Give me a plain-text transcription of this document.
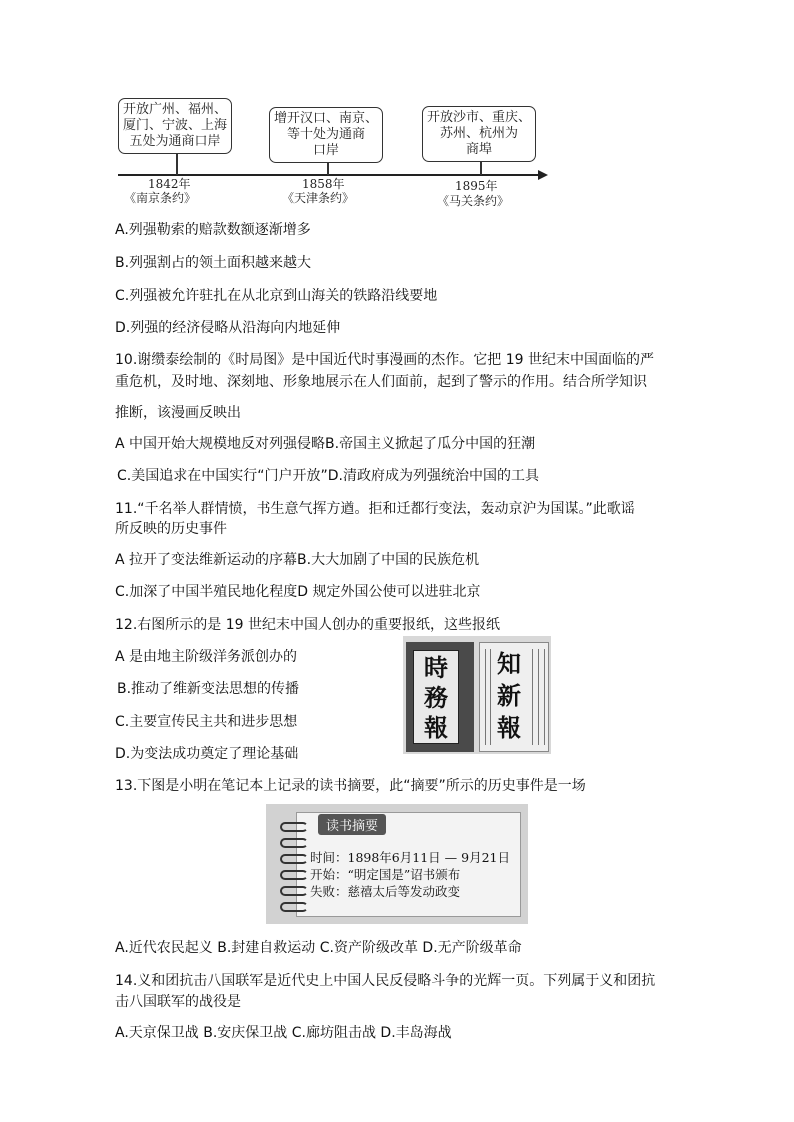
开放广州、福州、
厦门、宁波、上海
五处为通商口岸
1842年
《南京条约》
增开汉口、南京、
等十处为通商
口岸
1858年
《天津条约》
开放沙市、重庆、
苏州、杭州为
商埠
1895年
《马关条约》
A.列强勒索的赔款数额逐渐增多
B.列强割占的领土面积越来越大
C.列强被允许驻扎在从北京到山海关的铁路沿线要地
D.列强的经济侵略从沿海向内地延伸
10.谢缵泰绘制的《时局图》是中国近代时事漫画的杰作。它把 19 世纪末中国面临的严
重危机，及时地、深刻地、形象地展示在人们面前，起到了警示的作用。结合所学知识
推断，该漫画反映出
A 中国开始大规模地反对列强侵略B.帝国主义掀起了瓜分中国的狂潮
C.美国追求在中国实行“门户开放”D.清政府成为列强统治中国的工具
11.“千名举人群情愤，书生意气挥方遒。拒和迁都行变法，轰动京沪为国谋。”此歌谣
所反映的历史事件
A 拉开了变法维新运动的序幕B.大大加剧了中国的民族危机
C.加深了中国半殖民地化程度D 规定外国公使可以进驻北京
12.右图所示的是 19 世纪末中国人创办的重要报纸，这些报纸
A 是由地主阶级洋务派创办的
B.推动了维新变法思想的传播
C.主要宣传民主共和进步思想
D.为变法成功奠定了理论基础
時
務
報
知
新
報
13.下图是小明在笔记本上记录的读书摘要，此“摘要”所示的历史事件是一场
读书摘要
时间：1898年6月11日 — 9月21日
开始：“明定国是”诏书颁布
失败：慈禧太后等发动政变
A.近代农民起义 B.封建自救运动 C.资产阶级改革 D.无产阶级革命
14.义和团抗击八国联军是近代史上中国人民反侵略斗争的光辉一页。下列属于义和团抗
击八国联军的战役是
A.天京保卫战 B.安庆保卫战 C.廊坊阻击战 D.丰岛海战
